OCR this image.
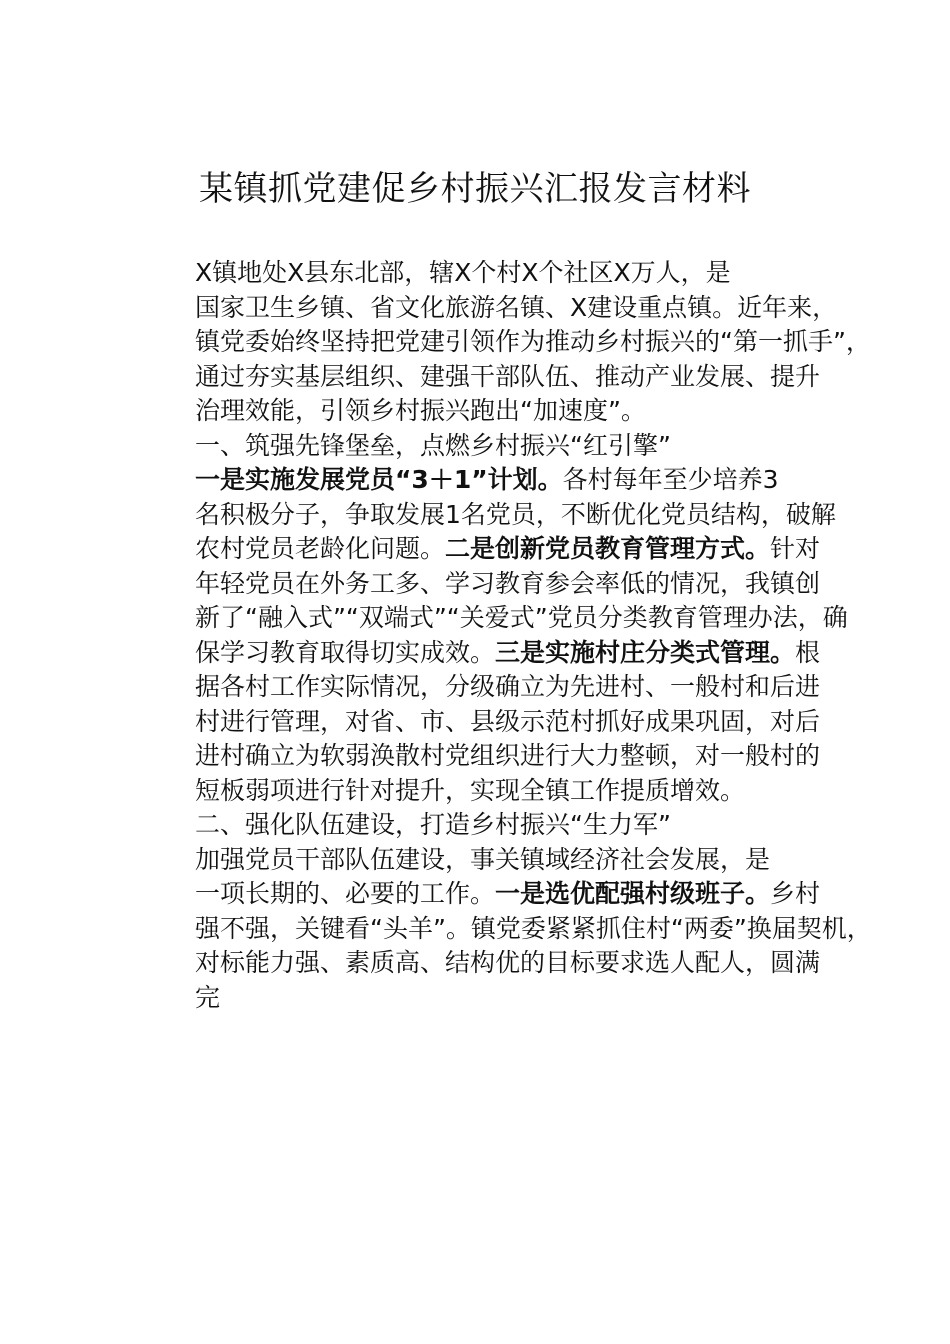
某镇抓党建促乡村振兴汇报发言材料

X镇地处X县东北部，辖X个村X个社区X万人，是
国家卫生乡镇、省文化旅游名镇、X建设重点镇。近年来，
镇党委始终坚持把党建引领作为推动乡村振兴的“第一抓手”，
通过夯实基层组织、建强干部队伍、推动产业发展、提升
治理效能，引领乡村振兴跑出“加速度”。

一、筑强先锋堡垒，点燃乡村振兴“红引擎”

一是实施发展党员“3＋1”计划。各村每年至少培养3
名积极分子，争取发展1名党员，不断优化党员结构，破解
农村党员老龄化问题。二是创新党员教育管理方式。针对
年轻党员在外务工多、学习教育参会率低的情况，我镇创
新了“融入式”“双端式”“关爱式”党员分类教育管理办法，确
保学习教育取得切实成效。三是实施村庄分类式管理。根
据各村工作实际情况，分级确立为先进村、一般村和后进
村进行管理，对省、市、县级示范村抓好成果巩固，对后
进村确立为软弱涣散村党组织进行大力整顿，对一般村的
短板弱项进行针对提升，实现全镇工作提质增效。

二、强化队伍建设，打造乡村振兴“生力军”

加强党员干部队伍建设，事关镇域经济社会发展，是
一项长期的、必要的工作。一是选优配强村级班子。乡村
强不强，关键看“头羊”。镇党委紧紧抓住村“两委”换届契机，
对标能力强、素质高、结构优的目标要求选人配人，圆满
完
